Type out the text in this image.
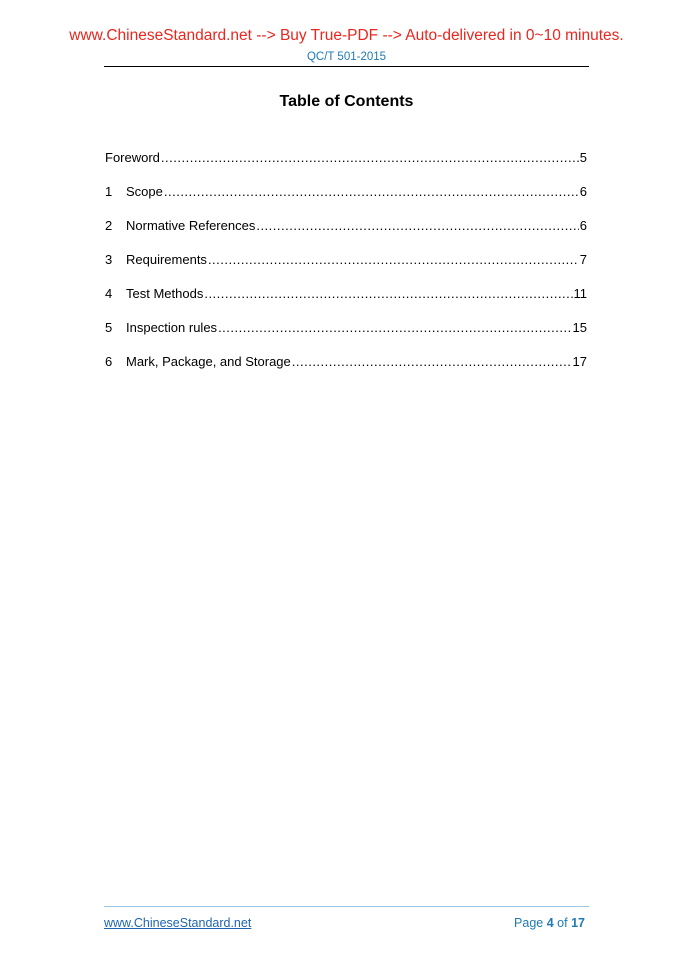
www.ChineseStandard.net --> Buy True-PDF --> Auto-delivered in 0~10 minutes.
QC/T 501-2015
Table of Contents
Foreword .....	5
1	Scope .....	6
2	Normative References .....	6
3	Requirements .....	7
4	Test Methods .....	11
5	Inspection rules .....	15
6	Mark, Package, and Storage .....	17
www.ChineseStandard.net	Page 4 of 17
